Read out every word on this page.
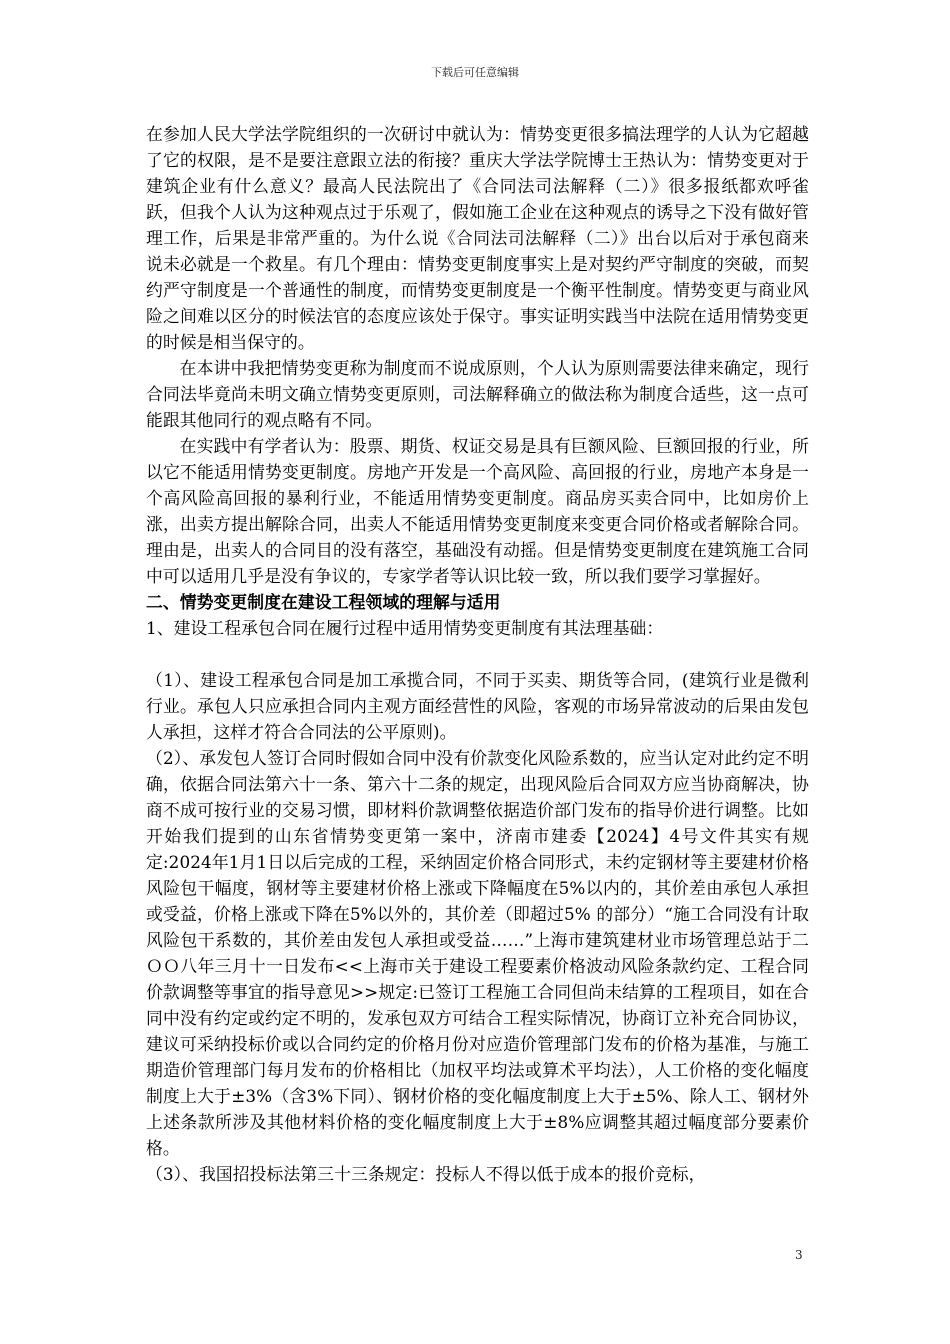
下载后可任意编辑

在参加人民大学法学院组织的一次研讨中就认为：情势变更很多搞法理学的人认为它超越了它的权限，是不是要注意跟立法的衔接？重庆大学法学院博士王热认为：情势变更对于建筑企业有什么意义？最高人民法院出了《合同法司法解释（二）》很多报纸都欢呼雀跃，但我个人认为这种观点过于乐观了，假如施工企业在这种观点的诱导之下没有做好管理工作，后果是非常严重的。为什么说《合同法司法解释（二）》出台以后对于承包商来说未必就是一个救星。有几个理由：情势变更制度事实上是对契约严守制度的突破，而契约严守制度是一个普通性的制度，而情势变更制度是一个衡平性制度。情势变更与商业风险之间难以区分的时候法官的态度应该处于保守。事实证明实践当中法院在适用情势变更的时候是相当保守的。

在本讲中我把情势变更称为制度而不说成原则，个人认为原则需要法律来确定，现行合同法毕竟尚未明文确立情势变更原则，司法解释确立的做法称为制度合适些，这一点可能跟其他同行的观点略有不同。

在实践中有学者认为：股票、期货、权证交易是具有巨额风险、巨额回报的行业，所以它不能适用情势变更制度。房地产开发是一个高风险、高回报的行业，房地产本身是一个高风险高回报的暴利行业，不能适用情势变更制度。商品房买卖合同中，比如房价上涨，出卖方提出解除合同，出卖人不能适用情势变更制度来变更合同价格或者解除合同。理由是，出卖人的合同目的没有落空，基础没有动摇。但是情势变更制度在建筑施工合同中可以适用几乎是没有争议的，专家学者等认识比较一致，所以我们要学习掌握好。

二、情势变更制度在建设工程领域的理解与适用

1、建设工程承包合同在履行过程中适用情势变更制度有其法理基础：

（1）、建设工程承包合同是加工承揽合同，不同于买卖、期货等合同，(建筑行业是微利行业。承包人只应承担合同内主观方面经营性的风险，客观的市场异常波动的后果由发包人承担，这样才符合合同法的公平原则)。

（2）、承发包人签订合同时假如合同中没有价款变化风险系数的，应当认定对此约定不明确，依据合同法第六十一条、第六十二条的规定，出现风险后合同双方应当协商解决，协商不成可按行业的交易习惯，即材料价款调整依据造价部门发布的指导价进行调整。比如开始我们提到的山东省情势变更第一案中，济南市建委【2024】4号文件其实有规定:2024年1月1日以后完成的工程，采纳固定价格合同形式，未约定钢材等主要建材价格风险包干幅度，钢材等主要建材价格上涨或下降幅度在5%以内的，其价差由承包人承担或受益，价格上涨或下降在5%以外的，其价差（即超过5% 的部分）“施工合同没有计取风险包干系数的，其价差由发包人承担或受益……”上海市建筑建材业市场管理总站于二ＯＯ八年三月十一日发布<<上海市关于建设工程要素价格波动风险条款约定、工程合同价款调整等事宜的指导意见>>规定:已签订工程施工合同但尚未结算的工程项目，如在合同中没有约定或约定不明的，发承包双方可结合工程实际情况，协商订立补充合同协议，建议可采纳投标价或以合同约定的价格月份对应造价管理部门发布的价格为基准，与施工期造价管理部门每月发布的价格相比（加权平均法或算术平均法），人工价格的变化幅度制度上大于±3%（含3%下同）、钢材价格的变化幅度制度上大于±5%、除人工、钢材外上述条款所涉及其他材料价格的变化幅度制度上大于±8%应调整其超过幅度部分要素价格。

（3）、我国招投标法第三十三条规定：投标人不得以低于成本的报价竞标，

3
